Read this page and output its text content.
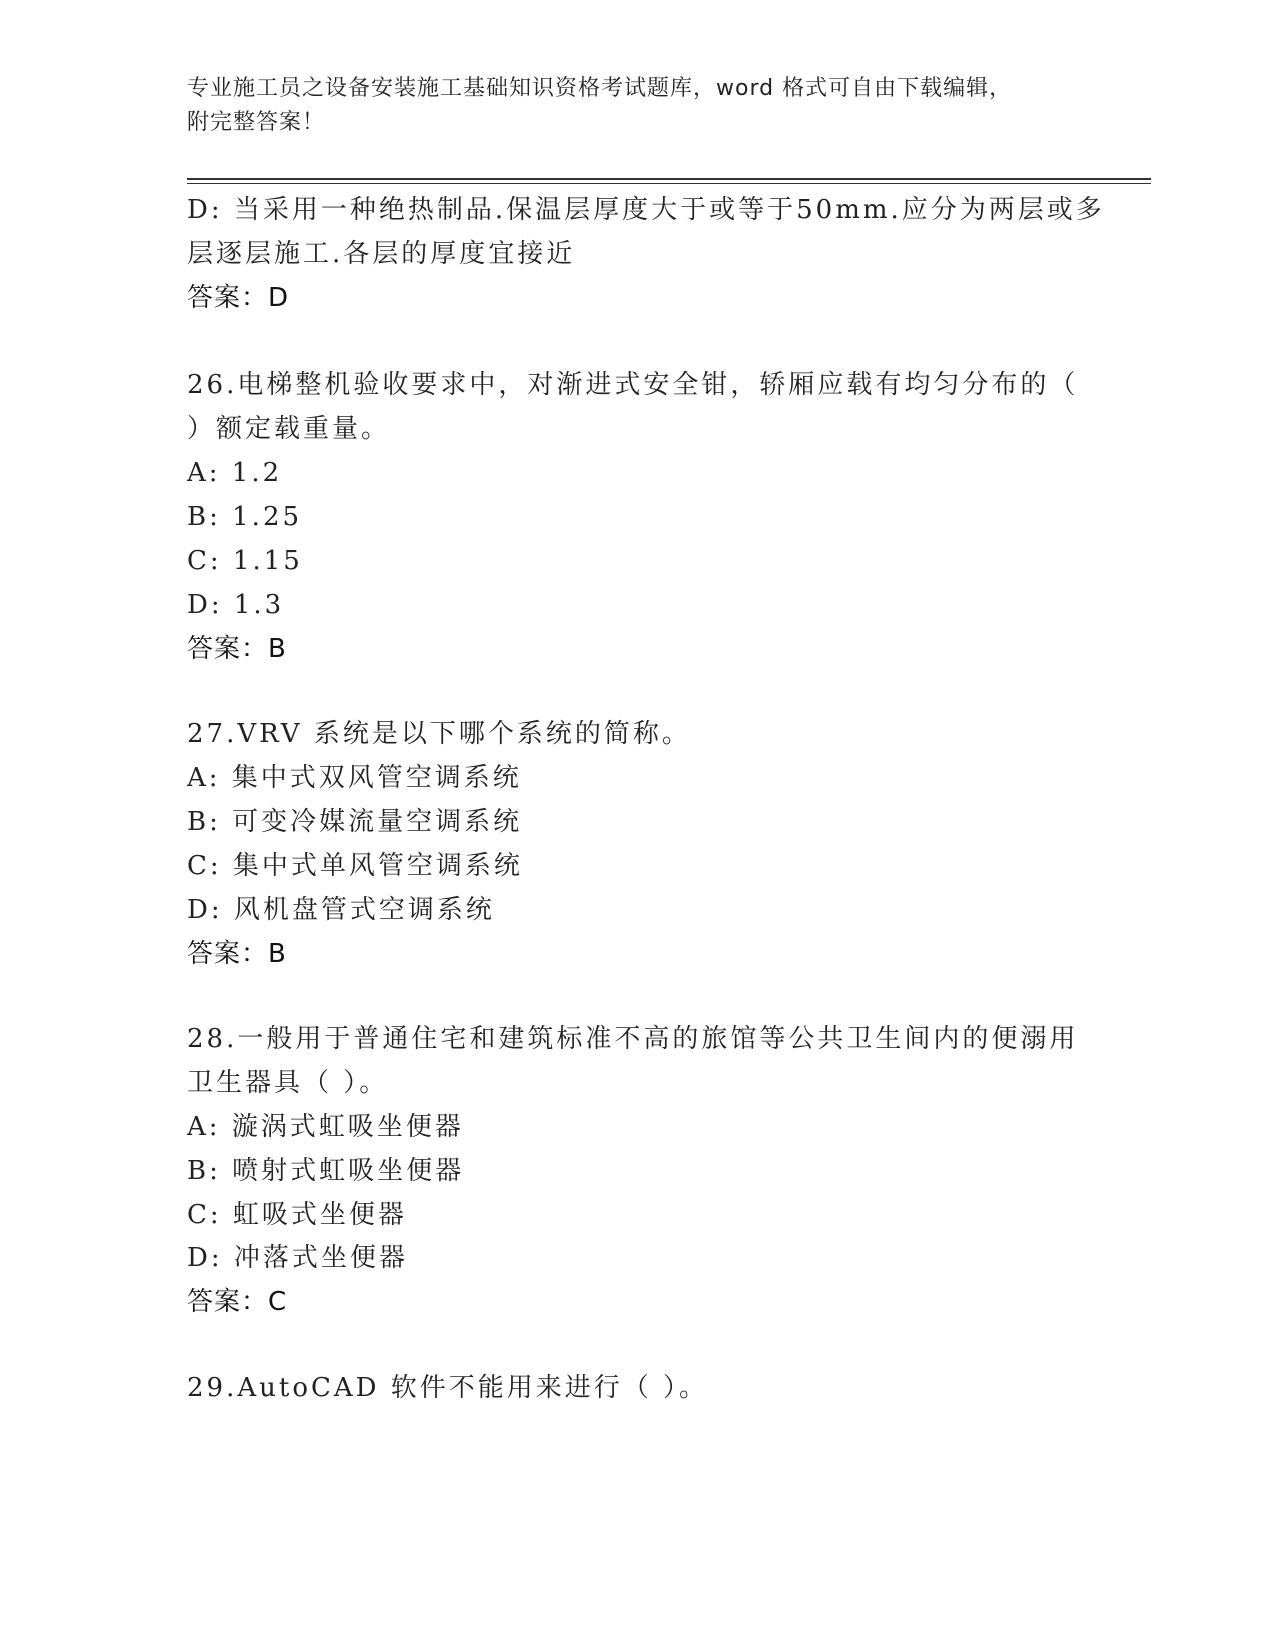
专业施工员之设备安装施工基础知识资格考试题库，word 格式可自由下载编辑，
附完整答案！
D: 当采用一种绝热制品.保温层厚度大于或等于50mm.应分为两层或多
层逐层施工.各层的厚度宜接近
答案：D
26.电梯整机验收要求中，对渐进式安全钳，轿厢应载有均匀分布的（
）额定载重量。
A: 1.2
B: 1.25
C: 1.15
D: 1.3
答案：B
27.VRV 系统是以下哪个系统的简称。
A: 集中式双风管空调系统
B: 可变冷媒流量空调系统
C: 集中式单风管空调系统
D: 风机盘管式空调系统
答案：B
28.一般用于普通住宅和建筑标准不高的旅馆等公共卫生间内的便溺用
卫生器具（ ）。
A: 漩涡式虹吸坐便器
B: 喷射式虹吸坐便器
C: 虹吸式坐便器
D: 冲落式坐便器
答案：C
29.AutoCAD 软件不能用来进行（ ）。
